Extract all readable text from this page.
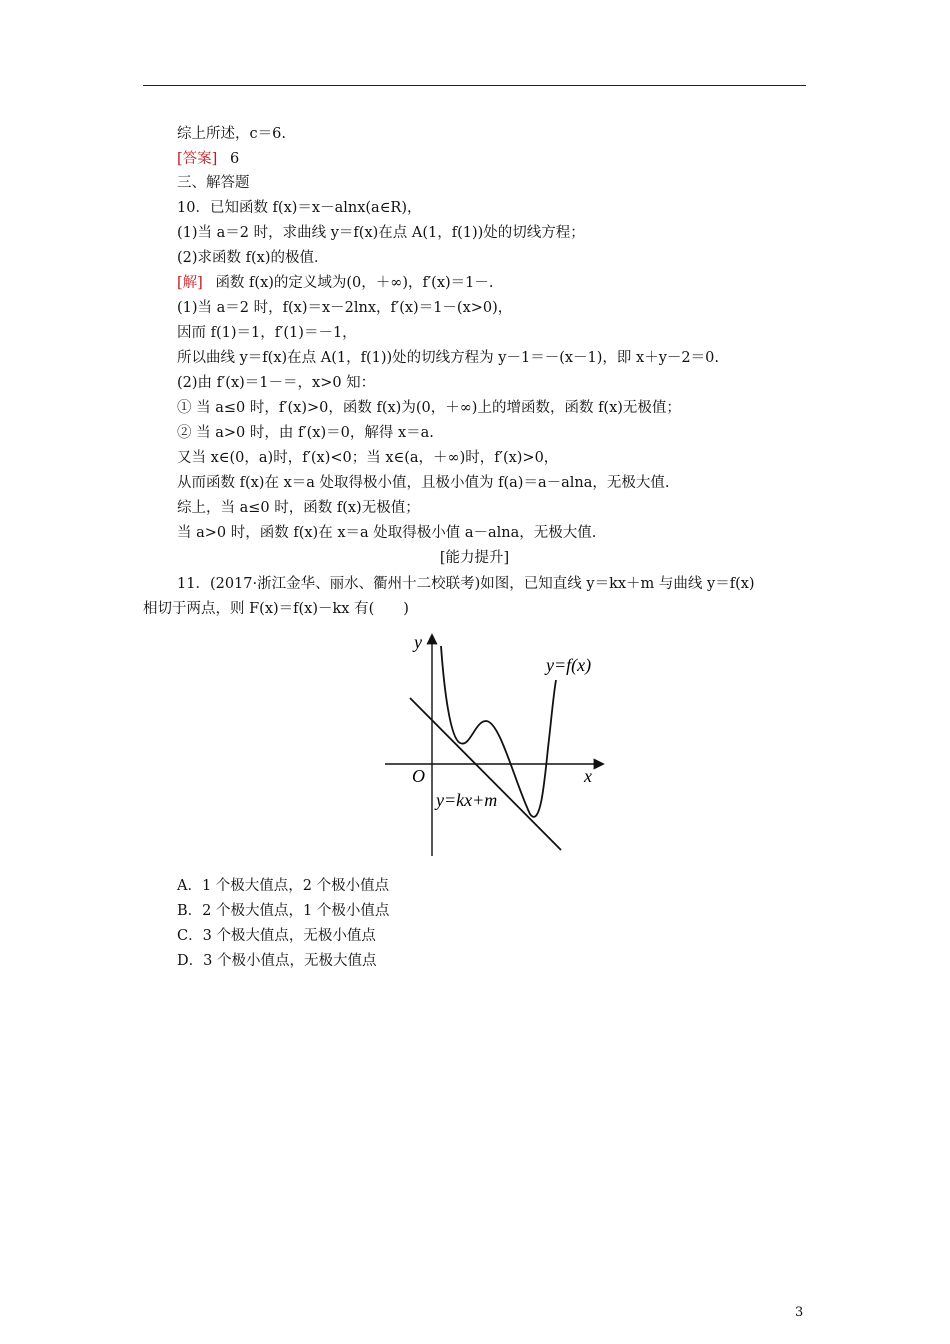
综上所述，c＝6.
[答案] 6
三、解答题
10．已知函数 f(x)＝x－alnx(a∈R)，
(1)当 a＝2 时，求曲线 y＝f(x)在点 A(1，f(1))处的切线方程；
(2)求函数 f(x)的极值．
[解] 函数 f(x)的定义域为(0，＋∞)，f′(x)＝1－.
(1)当 a＝2 时，f(x)＝x－2lnx，f′(x)＝1－(x>0)，
因而 f(1)＝1，f′(1)＝－1，
所以曲线 y＝f(x)在点 A(1，f(1))处的切线方程为 y－1＝－(x－1)，即 x＋y－2＝0.
(2)由 f′(x)＝1－＝，x>0 知：
① 当 a≤0 时，f′(x)>0，函数 f(x)为(0，＋∞)上的增函数，函数 f(x)无极值；
② 当 a>0 时，由 f′(x)＝0，解得 x＝a.
又当 x∈(0，a)时，f′(x)<0；当 x∈(a，＋∞)时，f′(x)>0，
从而函数 f(x)在 x＝a 处取得极小值，且极小值为 f(a)＝a－alna，无极大值.
综上，当 a≤0 时，函数 f(x)无极值；
当 a>0 时，函数 f(x)在 x＝a 处取得极小值 a－alna，无极大值.
[能力提升]
11．(2017·浙江金华、丽水、衢州十二校联考)如图，已知直线 y＝kx＋m 与曲线 y＝f(x)
相切于两点，则 F(x)＝f(x)－kx 有(　　)
y
x
O
y=f(x)
y=kx+m
A．1 个极大值点，2 个极小值点
B．2 个极大值点，1 个极小值点
C．3 个极大值点，无极小值点
D．3 个极小值点，无极大值点
3
